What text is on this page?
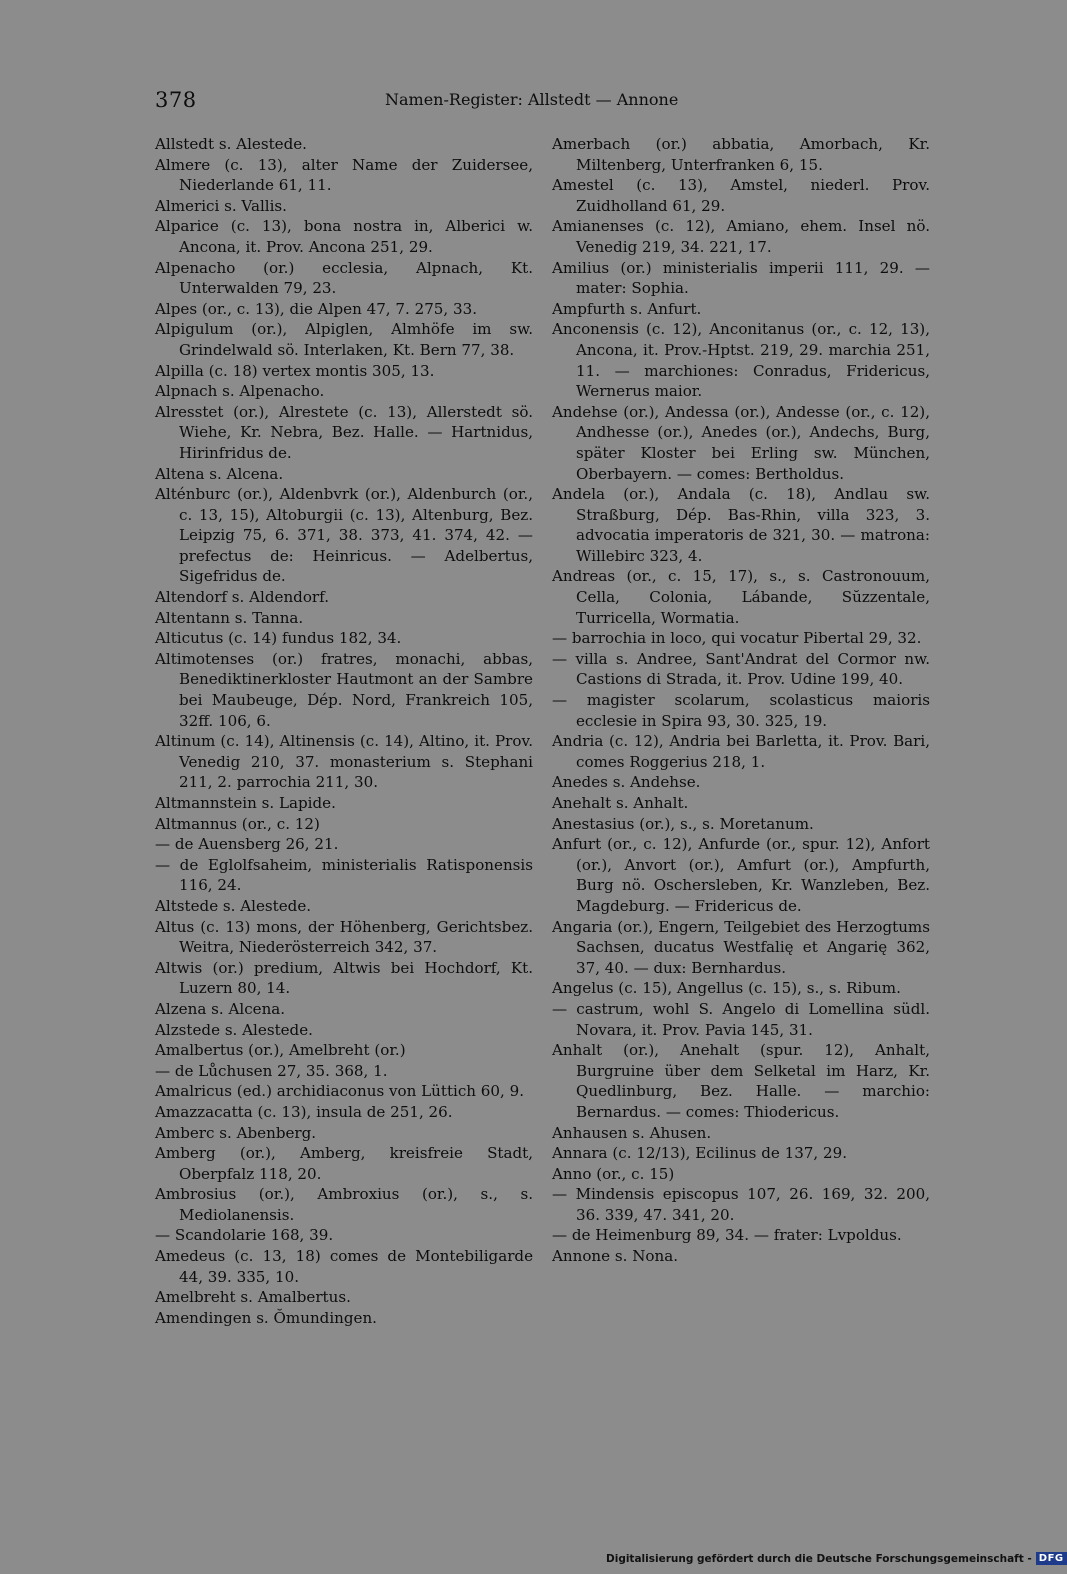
378	Namen-Register: Allstedt — Annone

Allstedt s. Alestede.

Almere (c. 13), alter Name der Zuidersee, Niederlande 61, 11.

Almerici s. Vallis.

Alparice (c. 13), bona nostra in, Alberici w. Ancona, it. Prov. Ancona 251, 29.

Alpenacho (or.) ecclesia, Alpnach, Kt. Unterwalden 79, 23.

Alpes (or., c. 13), die Alpen 47, 7. 275, 33.

Alpigulum (or.), Alpiglen, Almhöfe im sw. Grindelwald sö. Interlaken, Kt. Bern 77, 38.

Alpilla (c. 18) vertex montis 305, 13.

Alpnach s. Alpenacho.

Alresstet (or.), Alrestete (c. 13), Allerstedt sö. Wiehe, Kr. Nebra, Bez. Halle. — Hartnidus, Hirinfridus de.

Altena s. Alcena.

Alténburc (or.), Aldenbvrk (or.), Aldenburch (or., c. 13, 15), Altoburgii (c. 13), Altenburg, Bez. Leipzig 75, 6. 371, 38. 373, 41. 374, 42. — prefectus de: Heinricus. — Adelbertus, Sigefridus de.

Altendorf s. Aldendorf.

Altentann s. Tanna.

Alticutus (c. 14) fundus 182, 34.

Altimotenses (or.) fratres, monachi, abbas, Benediktinerkloster Hautmont an der Sambre bei Maubeuge, Dép. Nord, Frankreich 105, 32ff. 106, 6.

Altinum (c. 14), Altinensis (c. 14), Altino, it. Prov. Venedig 210, 37. monasterium s. Stephani 211, 2. parrochia 211, 30.

Altmannstein s. Lapide.

Altmannus (or., c. 12)

— de Auensberg 26, 21.

— de Eglolfsaheim, ministerialis Ratisponensis 116, 24.

Altstede s. Alestede.

Altus (c. 13) mons, der Höhenberg, Gerichtsbez. Weitra, Niederösterreich 342, 37.

Altwis (or.) predium, Altwis bei Hochdorf, Kt. Luzern 80, 14.

Alzena s. Alcena.

Alzstede s. Alestede.

Amalbertus (or.), Amelbreht (or.)

— de Lůchusen 27, 35. 368, 1.

Amalricus (ed.) archidiaconus von Lüttich 60, 9.

Amazzacatta (c. 13), insula de 251, 26.

Amberc s. Abenberg.

Amberg (or.), Amberg, kreisfreie Stadt, Oberpfalz 118, 20.

Ambrosius (or.), Ambroxius (or.), s., s. Mediolanensis.

— Scandolarie 168, 39.

Amedeus (c. 13, 18) comes de Montebiligarde 44, 39. 335, 10.

Amelbreht s. Amalbertus.

Amendingen s. Ŏmundingen.

Amerbach (or.) abbatia, Amorbach, Kr. Miltenberg, Unterfranken 6, 15.

Amestel (c. 13), Amstel, niederl. Prov. Zuidholland 61, 29.

Amianenses (c. 12), Amiano, ehem. Insel nö. Venedig 219, 34. 221, 17.

Amilius (or.) ministerialis imperii 111, 29. — mater: Sophia.

Ampfurth s. Anfurt.

Anconensis (c. 12), Anconitanus (or., c. 12, 13), Ancona, it. Prov.-Hptst. 219, 29. marchia 251, 11. — marchiones: Conradus, Fridericus, Wernerus maior.

Andehse (or.), Andessa (or.), Andesse (or., c. 12), Andhesse (or.), Anedes (or.), Andechs, Burg, später Kloster bei Erling sw. München, Oberbayern. — comes: Bertholdus.

Andela (or.), Andala (c. 18), Andlau sw. Straßburg, Dép. Bas-Rhin, villa 323, 3. advocatia imperatoris de 321, 30. — matrona: Willebirc 323, 4.

Andreas (or., c. 15, 17), s., s. Castronouum, Cella, Colonia, Lábande, Sŭzzentale, Turricella, Wormatia.

— barrochia in loco, qui vocatur Pibertal 29, 32.

— villa s. Andree, Sant'Andrat del Cormor nw. Castions di Strada, it. Prov. Udine 199, 40.

— magister scolarum, scolasticus maioris ecclesie in Spira 93, 30. 325, 19.

Andria (c. 12), Andria bei Barletta, it. Prov. Bari, comes Roggerius 218, 1.

Anedes s. Andehse.

Anehalt s. Anhalt.

Anestasius (or.), s., s. Moretanum.

Anfurt (or., c. 12), Anfurde (or., spur. 12), Anfort (or.), Anvort (or.), Amfurt (or.), Ampfurth, Burg nö. Oschersleben, Kr. Wanzleben, Bez. Magdeburg. — Fridericus de.

Angaria (or.), Engern, Teilgebiet des Herzogtums Sachsen, ducatus Westfalię et Angarię 362, 37, 40. — dux: Bernhardus.

Angelus (c. 15), Angellus (c. 15), s., s. Ribum.

— castrum, wohl S. Angelo di Lomellina südl. Novara, it. Prov. Pavia 145, 31.

Anhalt (or.), Anehalt (spur. 12), Anhalt, Burgruine über dem Selketal im Harz, Kr. Quedlinburg, Bez. Halle. — marchio: Bernardus. — comes: Thiodericus.

Anhausen s. Ahusen.

Annara (c. 12/13), Ecilinus de 137, 29.

Anno (or., c. 15)

— Mindensis episcopus 107, 26. 169, 32. 200, 36. 339, 47. 341, 20.

— de Heimenburg 89, 34. — frater: Lvpoldus.

Annone s. Nona.

Digitalisierung gefördert durch die Deutsche Forschungsgemeinschaft - DFG
